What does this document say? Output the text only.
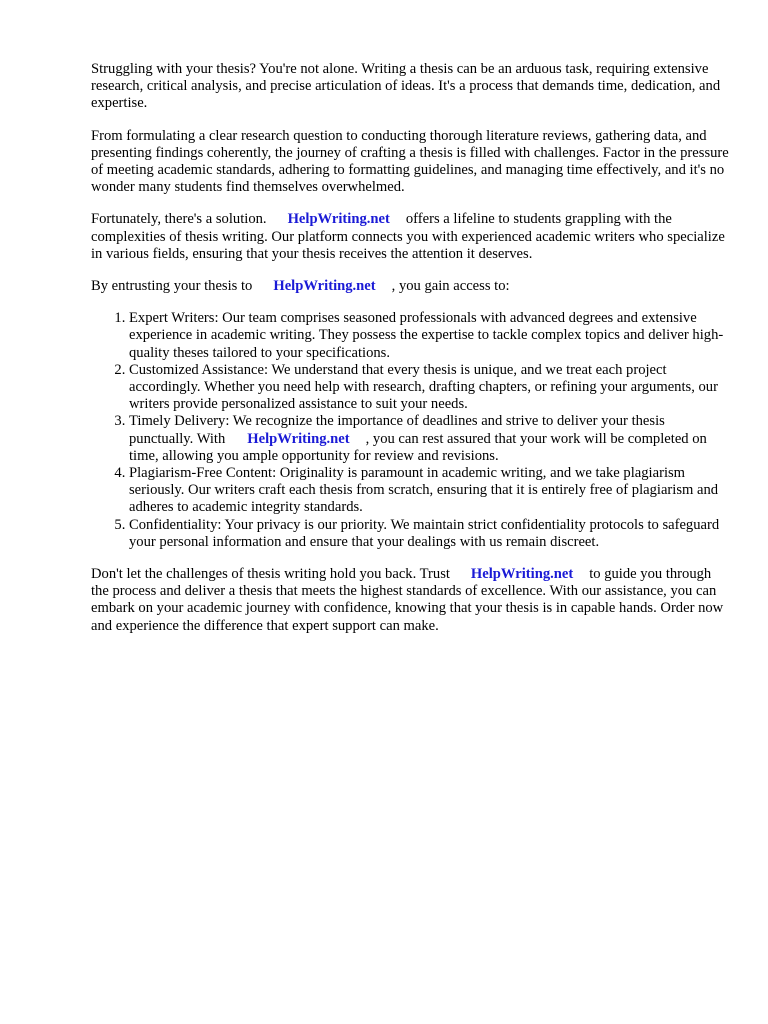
Struggling with your thesis? You're not alone. Writing a thesis can be an arduous task, requiring extensive research, critical analysis, and precise articulation of ideas. It's a process that demands time, dedication, and expertise.

From formulating a clear research question to conducting thorough literature reviews, gathering data, and presenting findings coherently, the journey of crafting a thesis is filled with challenges. Factor in the pressure of meeting academic standards, adhering to formatting guidelines, and managing time effectively, and it's no wonder many students find themselves overwhelmed.

Fortunately, there's a solution. HelpWriting.net offers a lifeline to students grappling with the complexities of thesis writing. Our platform connects you with experienced academic writers who specialize in various fields, ensuring that your thesis receives the attention it deserves.

By entrusting your thesis to HelpWriting.net , you gain access to:

1. Expert Writers: Our team comprises seasoned professionals with advanced degrees and extensive experience in academic writing. They possess the expertise to tackle complex topics and deliver high-quality theses tailored to your specifications.
2. Customized Assistance: We understand that every thesis is unique, and we treat each project accordingly. Whether you need help with research, drafting chapters, or refining your arguments, our writers provide personalized assistance to suit your needs.
3. Timely Delivery: We recognize the importance of deadlines and strive to deliver your thesis punctually. With HelpWriting.net , you can rest assured that your work will be completed on time, allowing you ample opportunity for review and revisions.
4. Plagiarism-Free Content: Originality is paramount in academic writing, and we take plagiarism seriously. Our writers craft each thesis from scratch, ensuring that it is entirely free of plagiarism and adheres to academic integrity standards.
5. Confidentiality: Your privacy is our priority. We maintain strict confidentiality protocols to safeguard your personal information and ensure that your dealings with us remain discreet.

Don't let the challenges of thesis writing hold you back. Trust HelpWriting.net to guide you through the process and deliver a thesis that meets the highest standards of excellence. With our assistance, you can embark on your academic journey with confidence, knowing that your thesis is in capable hands. Order now and experience the difference that expert support can make.
